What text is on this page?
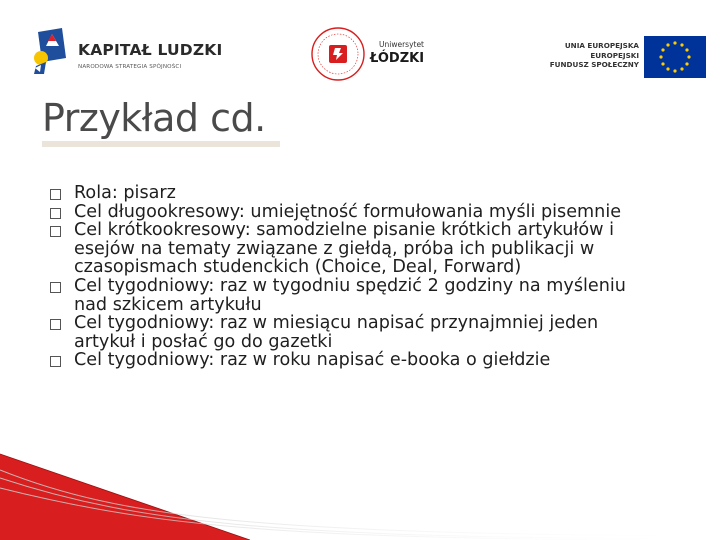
KAPITAŁ LUDZKI
NARODOWA STRATEGIA SPÓJNOŚCI
Uniwersytet
ŁÓDZKI
UNIA EUROPEJSKA
EUROPEJSKI
FUNDUSZ SPOŁECZNY
Przykład cd.
Rola: pisarz
Cel długookresowy: umiejętność formułowania myśli pisemnie
Cel krótkookresowy: samodzielne pisanie krótkich artykułów i esejów na tematy związane z giełdą, próba ich publikacji w czasopismach studenckich (Choice, Deal, Forward)
Cel tygodniowy: raz w tygodniu spędzić 2 godziny na myśleniu nad szkicem artykułu
Cel tygodniowy: raz w miesiącu napisać przynajmniej jeden artykuł i posłać go do gazetki
Cel tygodniowy: raz w roku napisać e-booka o giełdzie
